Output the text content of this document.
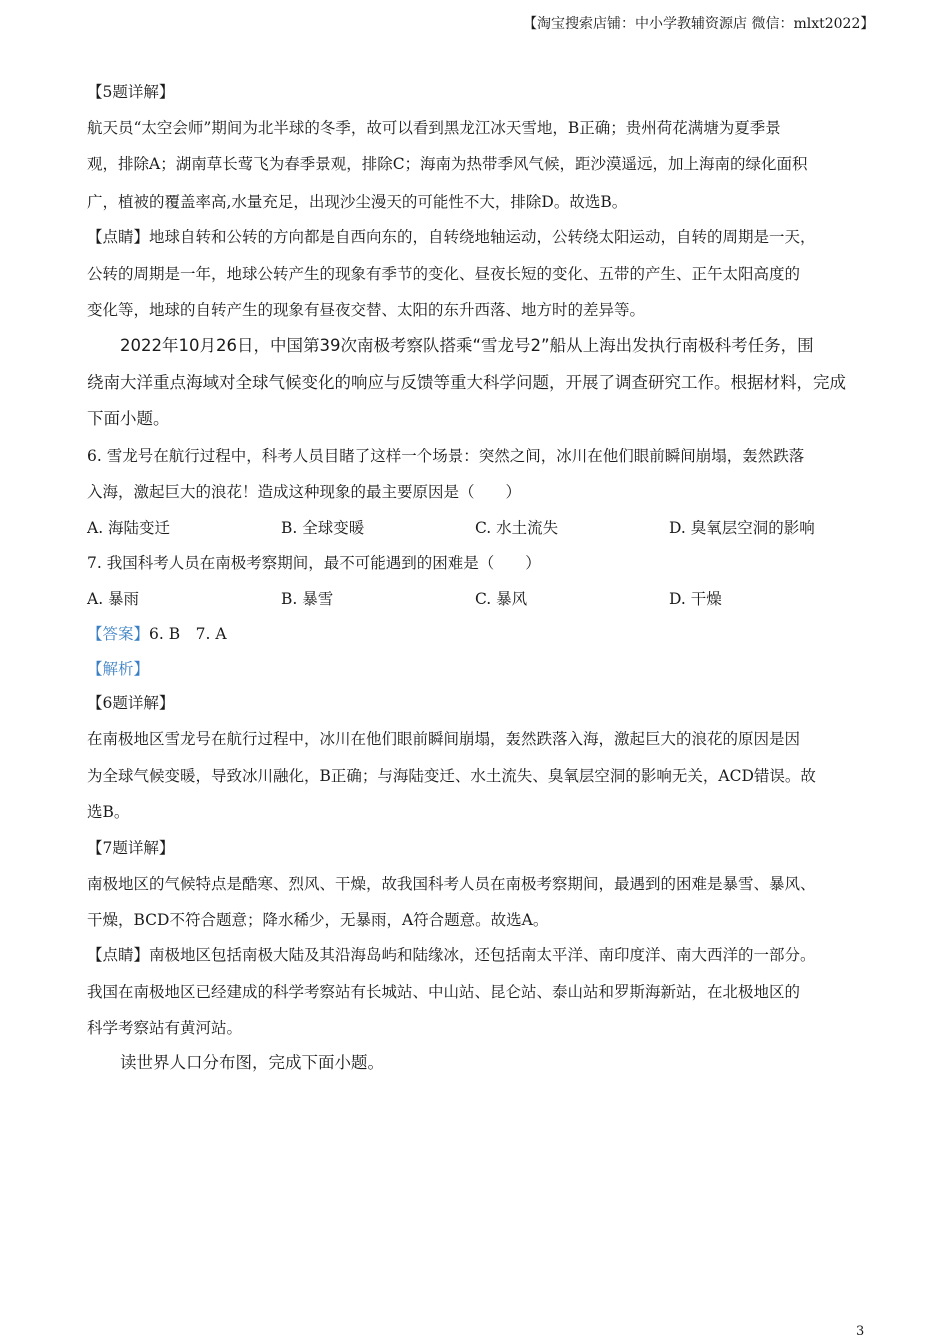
【淘宝搜索店铺：中小学教辅资源店 微信：mlxt2022】
【5题详解】
航天员“太空会师”期间为北半球的冬季，故可以看到黑龙江冰天雪地，B正确；贵州荷花满塘为夏季景
观，排除A；湖南草长莺飞为春季景观，排除C；海南为热带季风气候，距沙漠遥远，加上海南的绿化面积
广，植被的覆盖率高,水量充足，出现沙尘漫天的可能性不大，排除D。故选B。
【点睛】地球自转和公转的方向都是自西向东的，自转绕地轴运动，公转绕太阳运动，自转的周期是一天，
公转的周期是一年，地球公转产生的现象有季节的变化、昼夜长短的变化、五带的产生、正午太阳高度的
变化等，地球的自转产生的现象有昼夜交替、太阳的东升西落、地方时的差异等。
2022年10月26日，中国第39次南极考察队搭乘“雪龙号2”船从上海出发执行南极科考任务，围
绕南大洋重点海域对全球气候变化的响应与反馈等重大科学问题，开展了调查研究工作。根据材料，完成
下面小题。
6. 雪龙号在航行过程中，科考人员目睹了这样一个场景：突然之间，冰川在他们眼前瞬间崩塌，轰然跌落
入海，激起巨大的浪花！造成这种现象的最主要原因是（　　）
A. 海陆变迁	B. 全球变暖	C. 水土流失	D. 臭氧层空洞的影响
7. 我国科考人员在南极考察期间，最不可能遇到的困难是（　　）
A. 暴雨	B. 暴雪	C. 暴风	D. 干燥
【答案】6. B　7. A
【解析】
【6题详解】
在南极地区雪龙号在航行过程中，冰川在他们眼前瞬间崩塌，轰然跌落入海，激起巨大的浪花的原因是因
为全球气候变暖，导致冰川融化，B正确；与海陆变迁、水土流失、臭氧层空洞的影响无关，ACD错误。故
选B。
【7题详解】
南极地区的气候特点是酷寒、烈风、干燥，故我国科考人员在南极考察期间，最遇到的困难是暴雪、暴风、
干燥，BCD不符合题意；降水稀少，无暴雨，A符合题意。故选A。
【点睛】南极地区包括南极大陆及其沿海岛屿和陆缘冰，还包括南太平洋、南印度洋、南大西洋的一部分。
我国在南极地区已经建成的科学考察站有长城站、中山站、昆仑站、泰山站和罗斯海新站，在北极地区的
科学考察站有黄河站。
读世界人口分布图，完成下面小题。
3
